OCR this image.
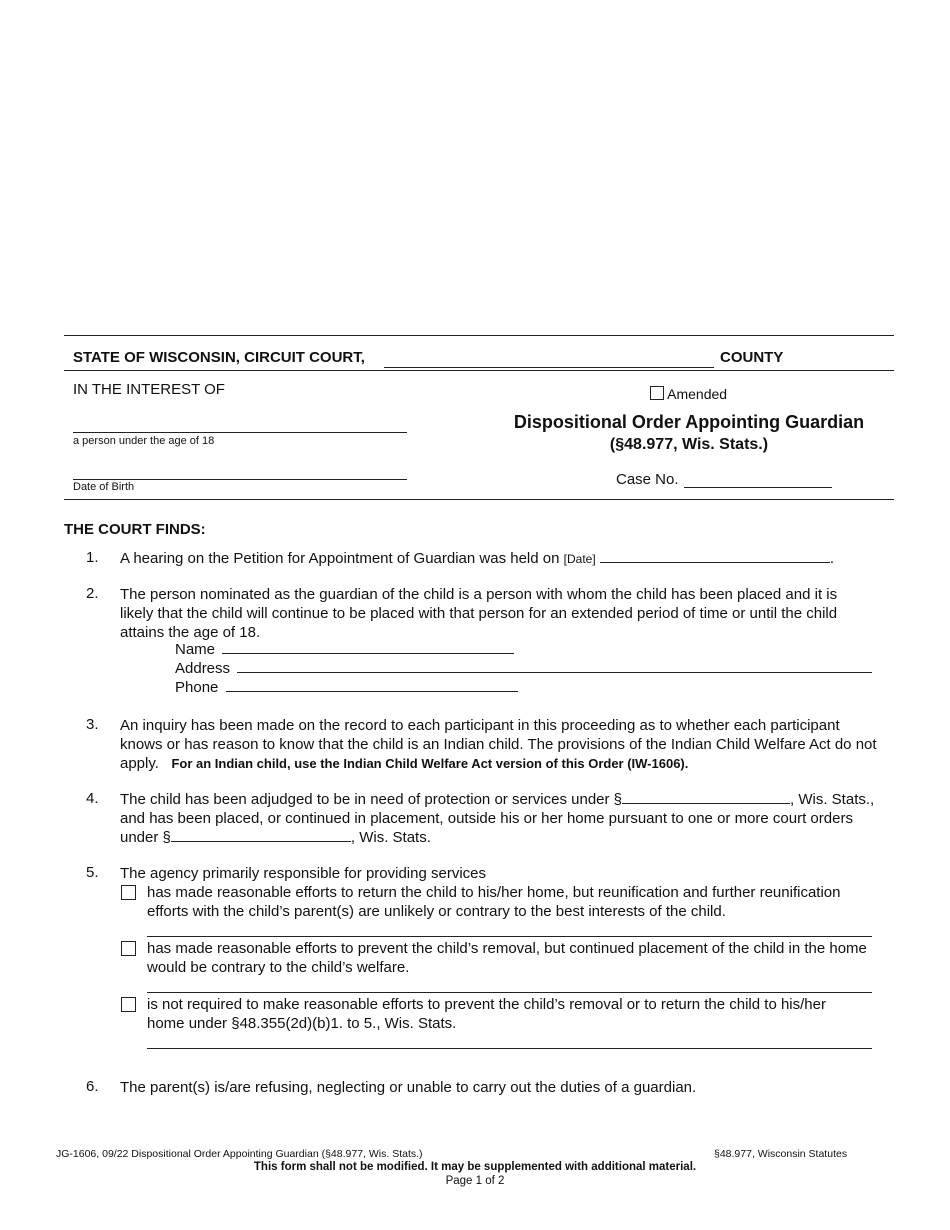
STATE OF WISCONSIN, CIRCUIT COURT,	COUNTY
IN THE INTEREST OF	Amended
Dispositional Order Appointing Guardian
(§48.977, Wis. Stats.)
a person under the age of 18
Date of Birth	Case No.
THE COURT FINDS:
1. A hearing on the Petition for Appointment of Guardian was held on [Date]	.
2. The person nominated as the guardian of the child is a person with whom the child has been placed and it is likely that the child will continue to be placed with that person for an extended period of time or until the child attains the age of 18.
Name
Address
Phone
3. An inquiry has been made on the record to each participant in this proceeding as to whether each participant knows or has reason to know that the child is an Indian child. The provisions of the Indian Child Welfare Act do not apply. For an Indian child, use the Indian Child Welfare Act version of this Order (IW-1606).
4. The child has been adjudged to be in need of protection or services under §	, Wis. Stats.,
and has been placed, or continued in placement, outside his or her home pursuant to one or more court orders
under §	, Wis. Stats.
5. The agency primarily responsible for providing services
has made reasonable efforts to return the child to his/her home, but reunification and further reunification efforts with the child’s parent(s) are unlikely or contrary to the best interests of the child.
has made reasonable efforts to prevent the child’s removal, but continued placement of the child in the home would be contrary to the child’s welfare.
is not required to make reasonable efforts to prevent the child’s removal or to return the child to his/her home under §48.355(2d)(b)1. to 5., Wis. Stats.
6. The parent(s) is/are refusing, neglecting or unable to carry out the duties of a guardian.
JG-1606, 09/22 Dispositional Order Appointing Guardian (§48.977, Wis. Stats.)	§48.977, Wisconsin Statutes
This form shall not be modified. It may be supplemented with additional material.
Page 1 of 2
